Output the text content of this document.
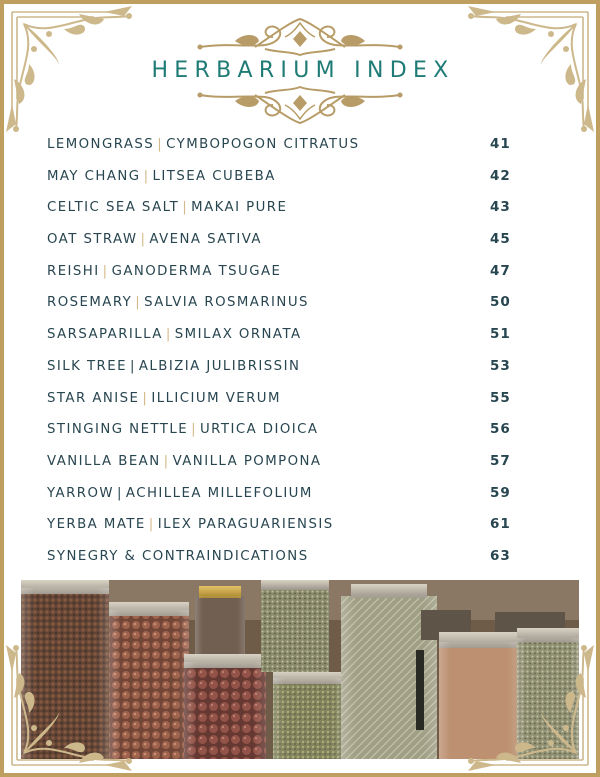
HERBARIUM INDEX
LEMONGRASS | CYMBOPOGON CITRATUS	41
MAY CHANG | LITSEA CUBEBA	42
CELTIC SEA SALT | MAKAI PURE	43
OAT STRAW | AVENA SATIVA	45
REISHI | GANODERMA TSUGAE	47
ROSEMARY | SALVIA ROSMARINUS	50
SARSAPARILLA | SMILAX ORNATA	51
SILK TREE | ALBIZIA JULIBRISSIN	53
STAR ANISE | ILLICIUM VERUM	55
STINGING NETTLE | URTICA DIOICA	56
VANILLA BEAN | VANILLA POMPONA	57
YARROW | ACHILLEA MILLEFOLIUM	59
YERBA MATE | ILEX PARAGUARIENSIS	61
SYNEGRY & CONTRAINDICATIONS	63
